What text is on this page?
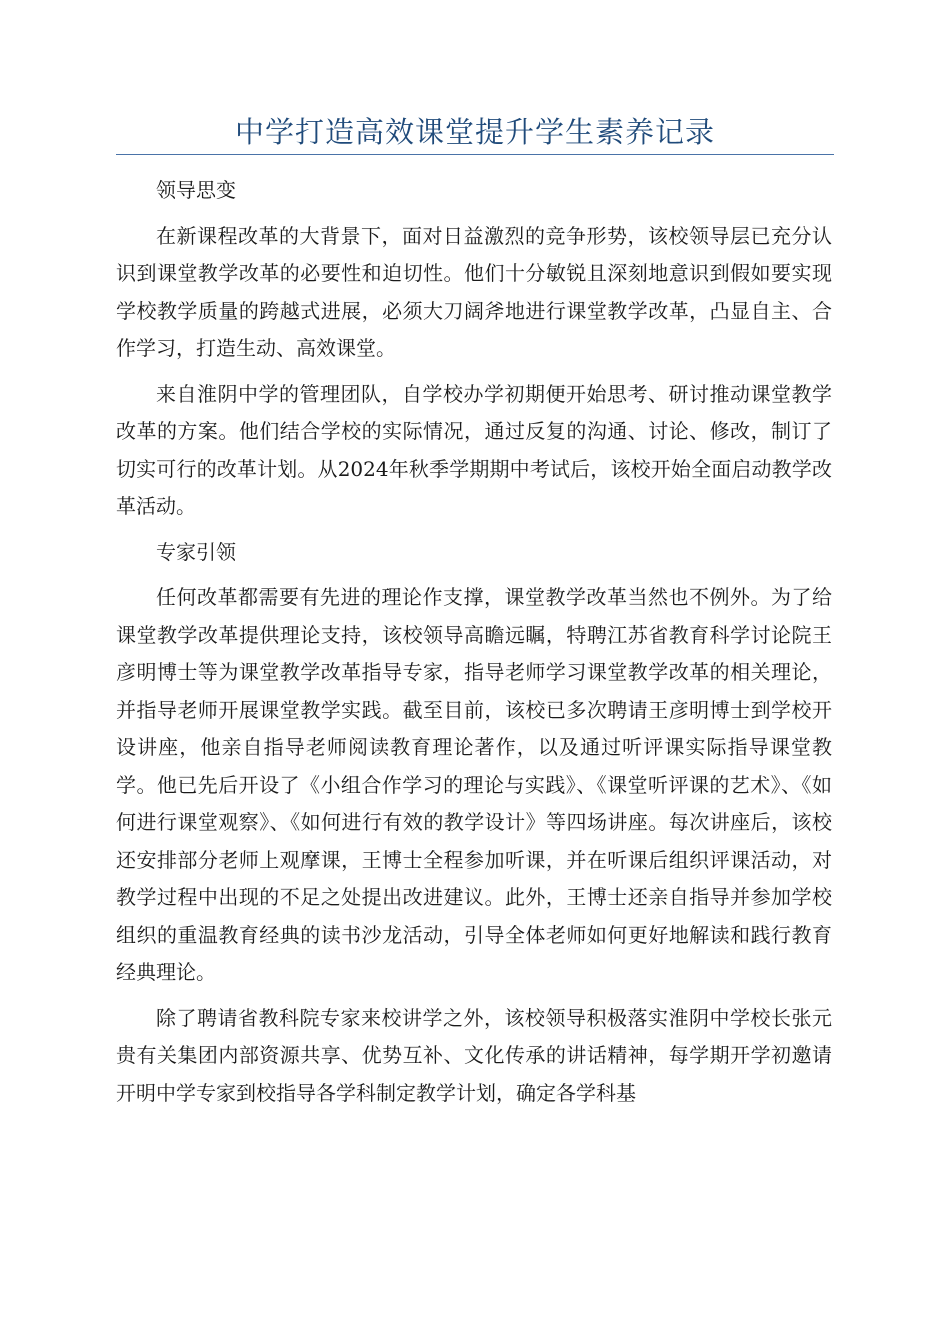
中学打造高效课堂提升学生素养记录

领导思变

在新课程改革的大背景下，面对日益激烈的竞争形势，该校领导层已充分认识到课堂教学改革的必要性和迫切性。他们十分敏锐且深刻地意识到假如要实现学校教学质量的跨越式进展，必须大刀阔斧地进行课堂教学改革，凸显自主、合作学习，打造生动、高效课堂。

来自淮阴中学的管理团队，自学校办学初期便开始思考、研讨推动课堂教学改革的方案。他们结合学校的实际情况，通过反复的沟通、讨论、修改，制订了切实可行的改革计划。从2024年秋季学期期中考试后，该校开始全面启动教学改革活动。

专家引领

任何改革都需要有先进的理论作支撑，课堂教学改革当然也不例外。为了给课堂教学改革提供理论支持，该校领导高瞻远瞩，特聘江苏省教育科学讨论院王彦明博士等为课堂教学改革指导专家，指导老师学习课堂教学改革的相关理论，并指导老师开展课堂教学实践。截至目前，该校已多次聘请王彦明博士到学校开设讲座，他亲自指导老师阅读教育理论著作，以及通过听评课实际指导课堂教学。他已先后开设了《小组合作学习的理论与实践》、《课堂听评课的艺术》、《如何进行课堂观察》、《如何进行有效的教学设计》等四场讲座。每次讲座后，该校还安排部分老师上观摩课，王博士全程参加听课，并在听课后组织评课活动，对教学过程中出现的不足之处提出改进建议。此外，王博士还亲自指导并参加学校组织的重温教育经典的读书沙龙活动，引导全体老师如何更好地解读和践行教育经典理论。

除了聘请省教科院专家来校讲学之外，该校领导积极落实淮阴中学校长张元贵有关集团内部资源共享、优势互补、文化传承的讲话精神，每学期开学初邀请开明中学专家到校指导各学科制定教学计划，确定各学科基
